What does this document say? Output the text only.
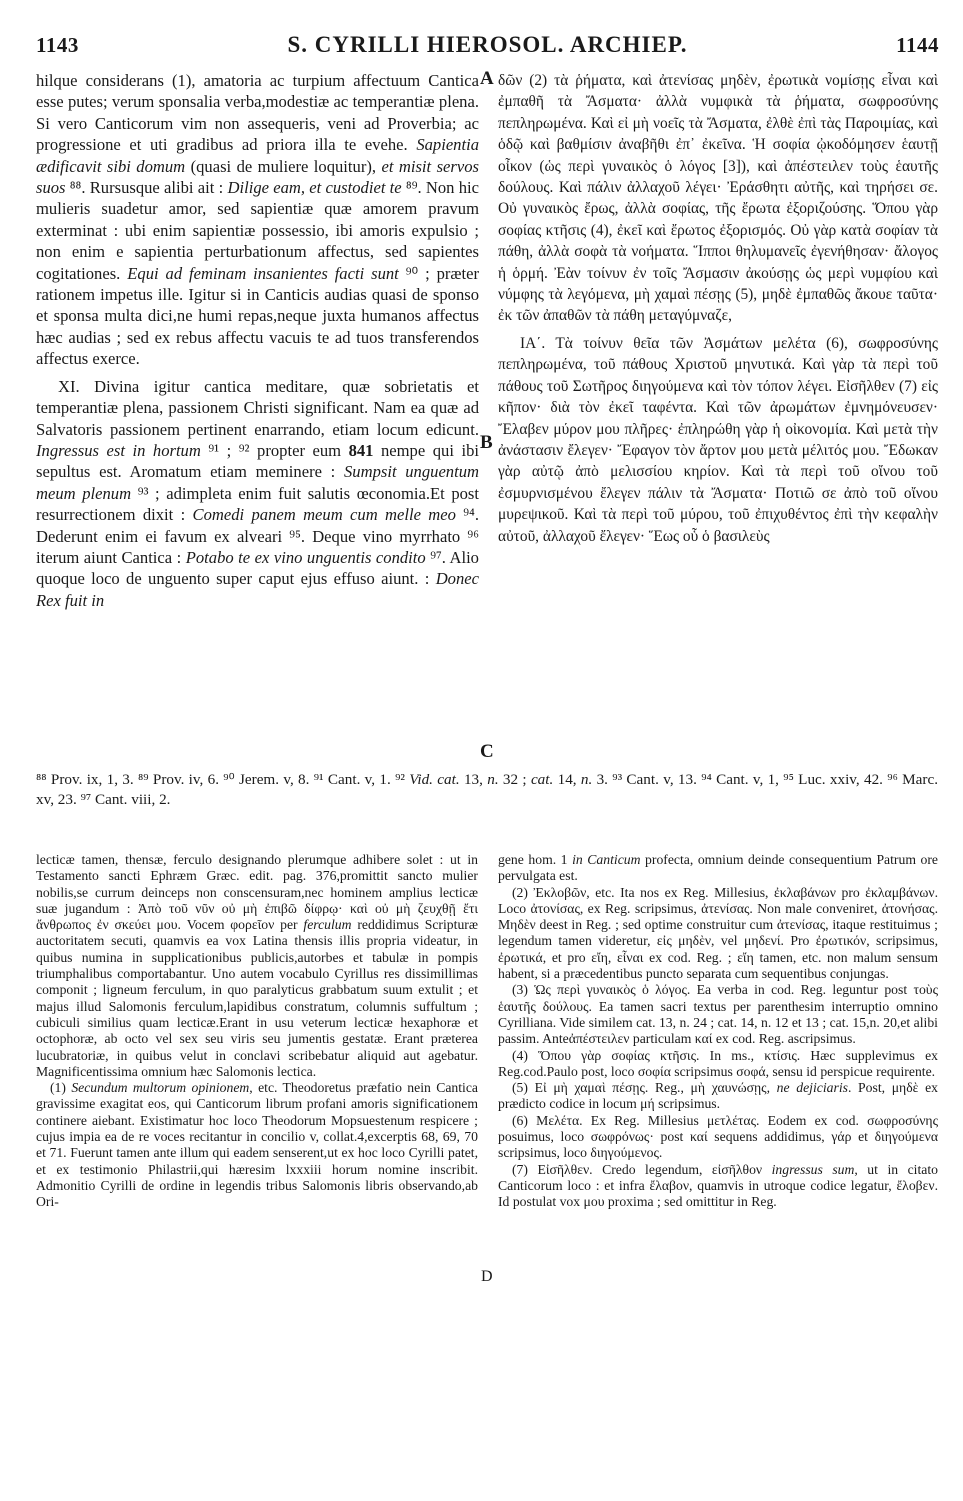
1143	S. CYRILLI HIEROSOL. ARCHIEP.	1144

hilque considerans (1), amatoria ac turpium affectuum Cantica esse putes; verum sponsalia verba,modestiæ ac temperantiæ plena. Si vero Canticorum vim non assequeris, veni ad Proverbia; ac progressione et uti gradibus ad priora illa te evehe. Sapientia ædificavit sibi domum (quasi de muliere loquitur), et misit servos suos ⁸⁸. Rursusque alibi ait : Dilige eam, et custodiet te ⁸⁹. Non hic mulieris suadetur amor, sed sapientiæ quæ amorem pravum exterminat : ubi enim sapientiæ possessio, ibi amoris expulsio ; non enim e sapientia perturbationum affectus, sed sapientes cogitationes. Equi ad feminam insanientes facti sunt ⁹⁰ ; præter rationem impetus ille. Igitur si in Canticis audias quasi de sponso et sponsa multa dici,ne humi repas,neque juxta humanos affectus hæc audias ; sed ex rebus affectu vacuis te ad tuos transferendos affectus exerce.

XI. Divina igitur cantica meditare, quæ sobrietatis et temperantiæ plena, passionem Christi significant. Nam ea quæ ad Salvatoris passionem pertinent enarrando, etiam locum edicunt. Ingressus est in hortum ⁹¹ ; ⁹² propter eum 841 nempe qui ibi sepultus est. Aromatum etiam meminere : Sumpsit unguentum meum plenum ⁹³ ; adimpleta enim fuit salutis œconomia.Et post resurrectionem dixit : Comedi panem meum cum melle meo ⁹⁴. Dederunt enim ei favum ex alveari ⁹⁵. Deque vino myrrhato ⁹⁶ iterum aiunt Cantica : Potabo te ex vino unguentis condito ⁹⁷. Alio quoque loco de unguento super caput ejus effuso aiunt. : Donec Rex fuit in

A
B
C
D

δῶν (2) τὰ ῥήματα, καὶ ἀτενίσας μηδὲν, ἐρωτικὰ νομίσῃς εἶναι καὶ ἐμπαθῆ τὰ Ἄσματα· ἀλλὰ νυμφικὰ τὰ ῥήματα, σωφροσύνης πεπληρωμένα. Καὶ εἰ μὴ νοεῖς τὰ Ἄσματα, ἐλθὲ ἐπὶ τὰς Παροιμίας, καὶ ὁδῷ καὶ βαθμίσιν ἀναβῆθι ἐπ᾽ ἐκεῖνα. Ἡ σοφία ᾠκοδόμησεν ἑαυτῇ οἶκον (ὡς περὶ γυναικὸς ὁ λόγος [3]), καὶ ἀπέστειλεν τοὺς ἑαυτῆς δούλους. Καὶ πάλιν ἀλλαχοῦ λέγει· Ἐράσθητι αὐτῆς, καὶ τηρήσει σε. Οὐ γυναικὸς ἔρως, ἀλλὰ σοφίας, τῆς ἔρωτα ἐξοριζούσης. Ὅπου γὰρ σοφίας κτῆσις (4), ἐκεῖ καὶ ἔρωτος ἐξορισμός. Οὐ γὰρ κατὰ σοφίαν τὰ πάθη, ἀλλὰ σοφὰ τὰ νοήματα. Ἵπποι θηλυμανεῖς ἐγενήθησαν· ἄλογος ἡ ὁρμή. Ἐὰν τοίνυν ἐν τοῖς Ἄσμασιν ἀκούσῃς ὡς μερὶ νυμφίου καὶ νύμφης τὰ λεγόμενα, μὴ χαμαὶ πέσῃς (5), μηδὲ ἐμπαθῶς ἄκουε ταῦτα· ἐκ τῶν ἀπαθῶν τὰ πάθη μεταγύμναζε,

ΙΑ΄. Τὰ τοίνυν θεῖα τῶν Ἀσμάτων μελέτα (6), σωφροσύνης πεπληρωμένα, τοῦ πάθους Χριστοῦ μηνυτικά. Καὶ γὰρ τὰ περὶ τοῦ πάθους τοῦ Σωτῆρος διηγούμενα καὶ τὸν τόπον λέγει. Εἰσῆλθεν (7) εἰς κῆπον· διὰ τὸν ἐκεῖ ταφέντα. Καὶ τῶν ἀρωμάτων ἐμνημόνευσεν· Ἔλαβεν μύρον μου πλῆρες· ἐπληρώθη γὰρ ἡ οἰκονομία. Καὶ μετὰ τὴν ἀνάστασιν ἔλεγεν· Ἔφαγον τὸν ἄρτον μου μετὰ μέλιτός μου. Ἔδωκαν γὰρ αὐτῷ ἀπὸ μελισσίου κηρίον. Καὶ τὰ περὶ τοῦ οἴνου τοῦ ἐσμυρνισμένου ἔλεγεν πάλιν τὰ Ἄσματα· Ποτιῶ σε ἀπὸ τοῦ οἴνου μυρεψικοῦ. Καὶ τὰ περὶ τοῦ μύρου, τοῦ ἐπιχυθέντος ἐπὶ τὴν κεφαλὴν αὐτοῦ, ἀλλαχοῦ ἔλεγεν· Ἕως οὗ ὁ βασιλεὺς

⁸⁸ Prov. ix, 1, 3. ⁸⁹ Prov. iv, 6. ⁹⁰ Jerem. v, 8. ⁹¹ Cant. v, 1. ⁹² Vid. cat. 13, n. 32 ; cat. 14, n. 3. ⁹³ Cant. v, 13. ⁹⁴ Cant. v, 1, ⁹⁵ Luc. xxiv, 42. ⁹⁶ Marc. xv, 23. ⁹⁷ Cant. viii, 2.

lecticæ tamen, thensæ, ferculo designando plerumque adhibere solet : ut in Testamento sancti Ephræm Græc. edit. pag. 376,promittit sancto mulier nobilis,se currum deinceps non conscensuram,nec hominem amplius lecticæ suæ jugandum : Ἀπὸ τοῦ νῦν οὐ μὴ ἐπιβῶ δίφρῳ· καὶ οὐ μὴ ζευχθῇ ἔτι ἄνθρωπος ἐν σκεύει μου. Vocem φορεῖον per ferculum reddidimus Scripturæ auctoritatem secuti, quamvis ea vox Latina thensis illis propria videatur, in quibus numina in supplicationibus publicis,autorbes et tabulæ in pompis triumphalibus comportabantur. Uno autem vocabulo Cyrillus res dissimillimas componit ; ligneum ferculum, in quo paralyticus grabbatum suum extulit ; et majus illud Salomonis ferculum,lapidibus constratum, columnis suffultum ; cubiculi similius quam lecticæ.Erant in usu veterum lecticæ hexaphoræ et octophoræ, ab octo vel sex seu viris seu jumentis gestatæ. Erant præterea lucubratoriæ, in quibus velut in conclavi scribebatur aliquid aut agebatur. Magnificentissima omnium hæc Salomonis lectica.

(1) Secundum multorum opinionem, etc. Theodoretus præfatio nein Cantica gravissime exagitat eos, qui Canticorum librum profani amoris significationem continere aiebant. Existimatur hoc loco Theodorum Mopsuestenum respicere ; cujus impia ea de re voces recitantur in concilio v, collat.4,excerptis 68, 69, 70 et 71. Fuerunt tamen ante illum qui eadem senserent,ut ex hoc loco Cyrilli patet, et ex testimonio Philastrii,qui hæresim lxxxiii horum nomine inscribit. Admonitio Cyrilli de ordine in legendis tribus Salomonis libris observando,ab Ori-

gene hom. 1 in Canticum profecta, omnium deinde consequentium Patrum ore pervulgata est.

(2) Ἐκλοβῶν, etc. Ita nos ex Reg. Millesius, ἐκλαβάνων pro ἐκλαμβάνων. Loco ἀτονίσας, ex Reg. scripsimus, ἀτενίσας. Non male conveniret, ἀτονήσας. Μηδὲν deest in Reg. ; sed optime construitur cum ἀτενίσας, itaque restituimus ; legendum tamen videretur, εἰς μηδὲν, vel μηδενί. Pro ἐρωτικόν, scripsimus, ἐρωτικά, et pro εἴη, εἶναι ex cod. Reg. ; εἴη tamen, etc. non malum sensum habent, si a præcedentibus puncto separata cum sequentibus conjungas.

(3) Ὡς περὶ γυναικὸς ὁ λόγος. Ea verba in cod. Reg. leguntur post τοὺς ἑαυτῆς δούλους. Ea tamen sacri textus per parenthesim interruptio omnino Cyrilliana. Vide similem cat. 13, n. 24 ; cat. 14, n. 12 et 13 ; cat. 15,n. 20,et alibi passim. Anteἀπέστειλεν particulam καί ex cod. Reg. ascripsimus.

(4) Ὅπου γὰρ σοφίας κτῆσις. In ms., κτίσις. Hæc supplevimus ex Reg.cod.Paulo post, loco σοφία scripsimus σοφά, sensu id perspicue requirente.

(5) Εἰ μὴ χαμαὶ πέσῃς. Reg., μὴ χαυνώσῃς, ne dejiciaris. Post, μηδὲ ex prædicto codice in locum μή scripsimus.

(6) Μελέτα. Ex Reg. Millesius μετλέτας. Eodem ex cod. σωφροσύνης posuimus, loco σωφρόνως· post καί sequens addidimus, γάρ et διηγούμενα scripsimus, loco διηγούμενος.

(7) Εἰσῆλθεν. Credo legendum, εἰσῆλθον ingressus sum, ut in citato Canticorum loco : et infra ἔλαβον, quamvis in utroque codice legatur, ἔλοβεν. Id postulat vox μου proxima ; sed omittitur in Reg.
